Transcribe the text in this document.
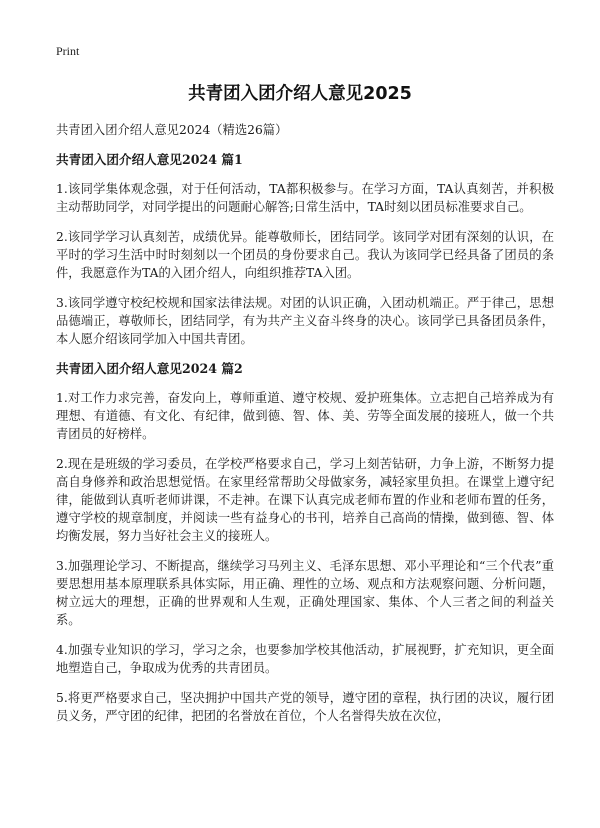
Print
共青团入团介绍人意见2025

共青团入团介绍人意见2024（精选26篇）

共青团入团介绍人意见2024 篇1

1.该同学集体观念强，对于任何活动，TA都积极参与。在学习方面，TA认真刻苦，并积极主动帮助同学，对同学提出的问题耐心解答;日常生活中，TA时刻以团员标准要求自己。

2.该同学学习认真刻苦，成绩优异。能尊敬师长，团结同学。该同学对团有深刻的认识，在平时的学习生活中时时刻刻以一个团员的身份要求自己。我认为该同学已经具备了团员的条件，我愿意作为TA的入团介绍人，向组织推荐TA入团。

3.该同学遵守校纪校规和国家法律法规。对团的认识正确，入团动机端正。严于律己，思想品德端正，尊敬师长，团结同学，有为共产主义奋斗终身的决心。该同学已具备团员条件，本人愿介绍该同学加入中国共青团。

共青团入团介绍人意见2024 篇2

1.对工作力求完善，奋发向上，尊师重道、遵守校规、爱护班集体。立志把自己培养成为有理想、有道德、有文化、有纪律，做到德、智、体、美、劳等全面发展的接班人，做一个共青团员的好榜样。

2.现在是班级的学习委员，在学校严格要求自己，学习上刻苦钻研，力争上游，不断努力提高自身修养和政治思想觉悟。在家里经常帮助父母做家务，减轻家里负担。在课堂上遵守纪律，能做到认真听老师讲课，不走神。在课下认真完成老师布置的作业和老师布置的任务，遵守学校的规章制度，并阅读一些有益身心的书刊，培养自己高尚的情操，做到德、智、体均衡发展，努力当好社会主义的接班人。

3.加强理论学习、不断提高，继续学习马列主义、毛泽东思想、邓小平理论和“三个代表”重要思想用基本原理联系具体实际，用正确、理性的立场、观点和方法观察问题、分析问题，树立远大的理想，正确的世界观和人生观，正确处理国家、集体、个人三者之间的利益关系。

4.加强专业知识的学习，学习之余，也要参加学校其他活动，扩展视野，扩充知识，更全面地塑造自己，争取成为优秀的共青团员。

5.将更严格要求自己，坚决拥护中国共产党的领导，遵守团的章程，执行团的决议，履行团员义务，严守团的纪律，把团的名誉放在首位，个人名誉得失放在次位，
